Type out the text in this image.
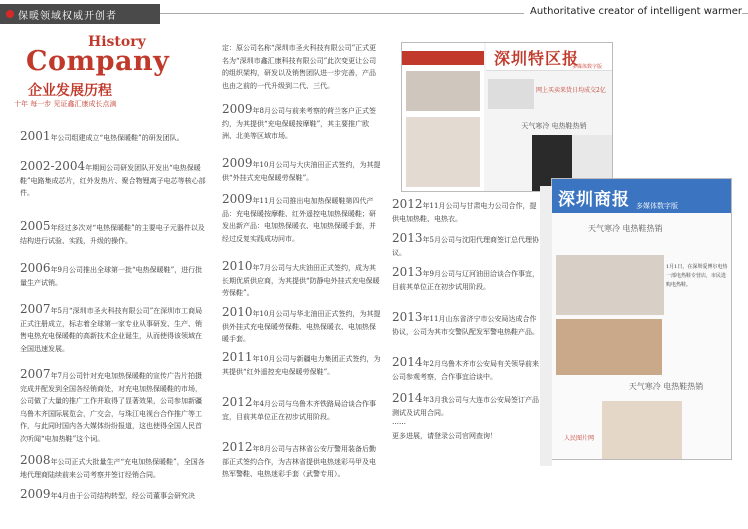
保暖领域权威开创者	Authoritative creator of intelligent warmer
History
Company
企业发展历程
十年 每一步 见证鑫汇康成长点滴
2001年公司组建成立“电热保暖鞋”的研发团队。
2002-2004年期间公司研发团队开发出“电热保暖鞋”电路集成芯片，红外发热片、聚合物锂离子电芯等核心部件。
2005年经过多次对“电热保暖鞋”的主要电子元器件以及结构进行试验、实践，升级的操作。
2006年9月公司推出全球第一批“电热保暖鞋”，进行批量生产试销。
2007年5月“深圳市圣火科技有限公司”在深圳市工商局正式注册成立，标志着全球第一家专业从事研发、生产、销售电热充电保暖鞋的高新技术企业诞生，从而使得该领域在全国迅速发展。
2007年7月公司针对充电加热保暖鞋的宣传广告片拍摄完成并配发到全国各经销商处，对充电加热保暖鞋的市场，公司做了大量的推广工作并取得了显著效果，公司参加新疆乌鲁木齐国际展览会，广交会，与珠江电视台合作推广等工作，与此同时国内各大媒体纷纷报道，这也使得全国人民首次听闻“电加热鞋”这个词。
2008年公司正式大批量生产“充电加热保暖鞋”，全国各地代理商陆续前来公司考察并签订经销合同。
2009年4月由于公司结构转型，经公司董事会研究决
定：原公司名称“深圳市圣火科技有限公司”正式更名为“深圳市鑫汇康科技有限公司”此次变更让公司的组织架构，研发以及销售团队进一步完善，产品也由之前的一代升级到二代、三代。
2009年8月公司与前来考察的荷兰客户正式签约，为其提供“充电保暖按摩鞋”，其主要推广欧洲、北美等区域市场。
2009年10月公司与大庆油田正式签约，为其提供“外挂式充电保暖劳保鞋”。
2009年11月公司推出电加热保暖鞋第四代产品：充电保暖按摩鞋、红外遥控电加热保暖鞋；研发出新产品：电加热保暖衣、电加热保暖手套，并经过反复实践成功问市。
2010年7月公司与大庆油田正式签约，成为其长期优质供应商，为其提供“防静电外挂式充电保暖劳保鞋”。
2010年10月公司与华北油田正式签约，为其提供外挂式充电保暖劳保鞋、电热保暖衣、电加热保暖手套。
2011年10月公司与新疆电力集团正式签约，为其提供“红外遥控充电保暖劳保鞋”。
2012年4月公司与乌鲁木齐铁路局洽谈合作事宜，目前其单位正在初步试用阶段。
2012年8月公司与吉林省公安厅警用装备后勤部正式签约合作，为吉林省提供电热迷彩马甲及电热军警鞋、电热迷彩手套（武警专用）。
2012年11月公司与甘肃电力公司合作，提供电加热鞋、电热衣。
2013年5月公司与沈阳代理商签订总代理协议。
2013年9月公司与辽河油田洽谈合作事宜，目前其单位正在初步试用阶段。
2013年11月山东省济宁市公安局达成合作协议，公司为其市交警队配发军警电热鞋产品。
2014年2月乌鲁木齐市公安局有关领导前来公司参观考察，合作事宜洽谈中。
2014年3月我公司与大连市公安局签订产品测试及试用合同。
……
更多进展，请登录公司官网查询！
深圳特区报
多媒体数字版
网上买卖来货日均成交2亿
天气寒冷 电热鞋热销
深圳商报 多媒体数字版
天气寒冷 电热鞋热销
1月1日，在深圳爱博尔电热一部电热鞋专营店，市民选购电热鞋。
天气寒冷 电热鞋热销
人民图片网
